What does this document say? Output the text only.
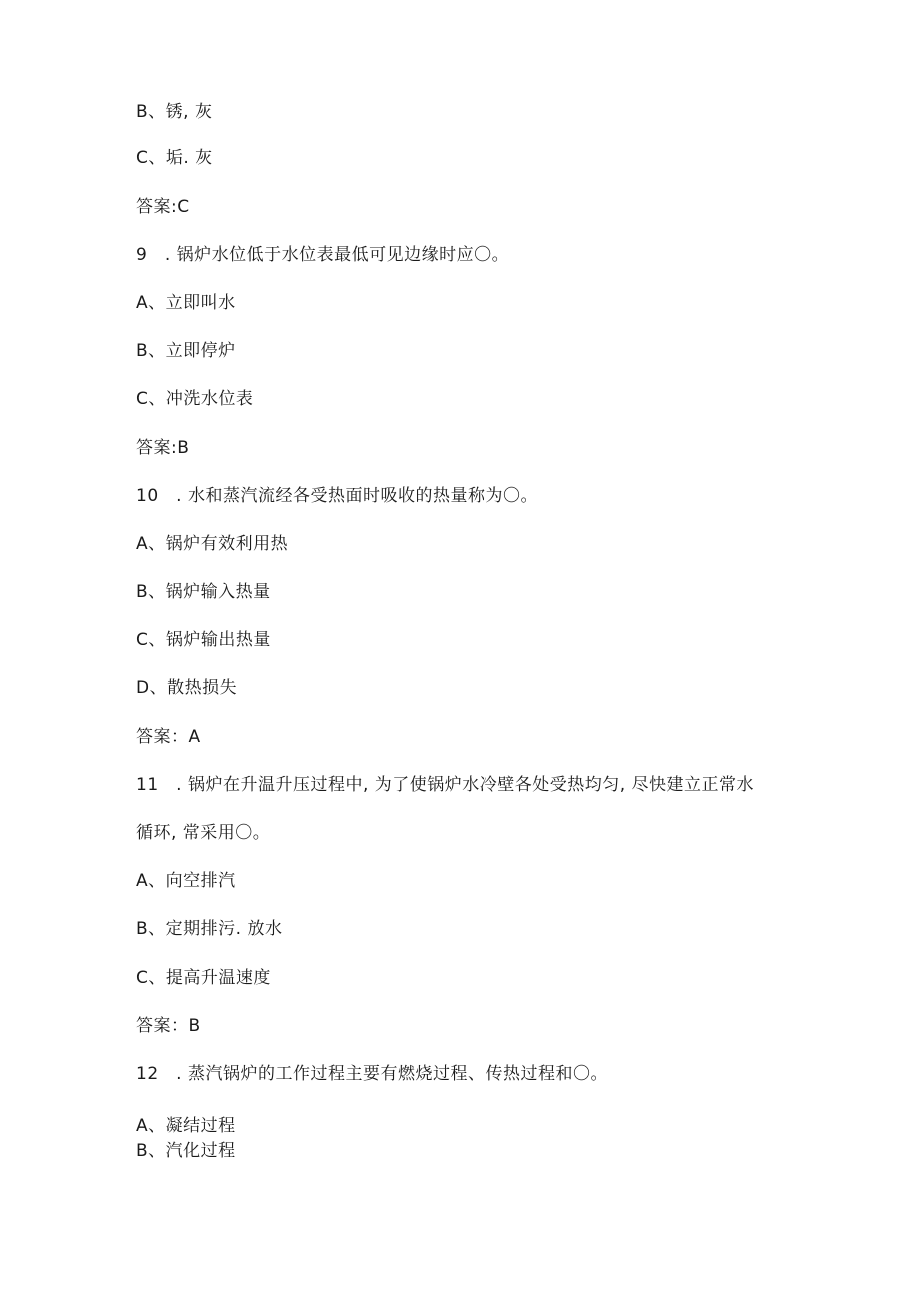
B、锈, 灰
C、垢. 灰
答案:C
9　. 锅炉水位低于水位表最低可见边缘时应〇。
A、立即叫水
B、立即停炉
C、冲洗水位表
答案:B
10　. 水和蒸汽流经各受热面时吸收的热量称为〇。
A、锅炉有效利用热
B、锅炉输入热量
C、锅炉输出热量
D、散热损失
答案：A
11　. 锅炉在升温升压过程中, 为了使锅炉水冷壁各处受热均匀, 尽快建立正常水
循环, 常采用〇。
A、向空排汽
B、定期排污. 放水
C、提高升温速度
答案：B
12　. 蒸汽锅炉的工作过程主要有燃烧过程、传热过程和〇。
A、凝结过程
B、汽化过程
